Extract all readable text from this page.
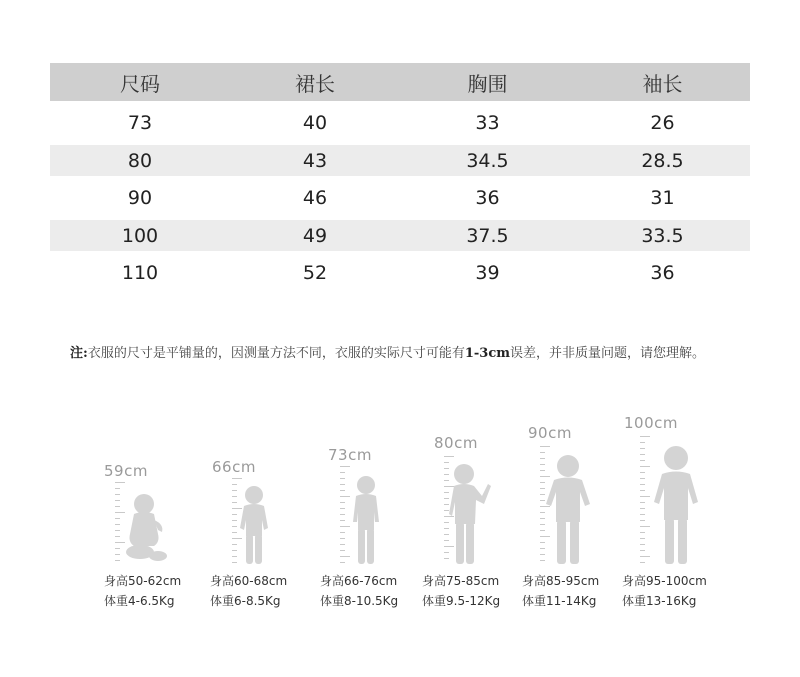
尺码	裙长	胸围	袖长
73	40	33	26
80	43	34.5	28.5
90	46	36	31
100	49	37.5	33.5
110	52	39	36
注:衣服的尺寸是平铺量的，因测量方法不同，衣服的实际尺寸可能有1-3cm误差，并非质量问题，请您理解。
59cm
身高50-62cm
体重4-6.5Kg
66cm
身高60-68cm
体重6-8.5Kg
73cm
身高66-76cm
体重8-10.5Kg
80cm
身高75-85cm
体重9.5-12Kg
90cm
身高85-95cm
体重11-14Kg
100cm
身高95-100cm
体重13-16Kg
